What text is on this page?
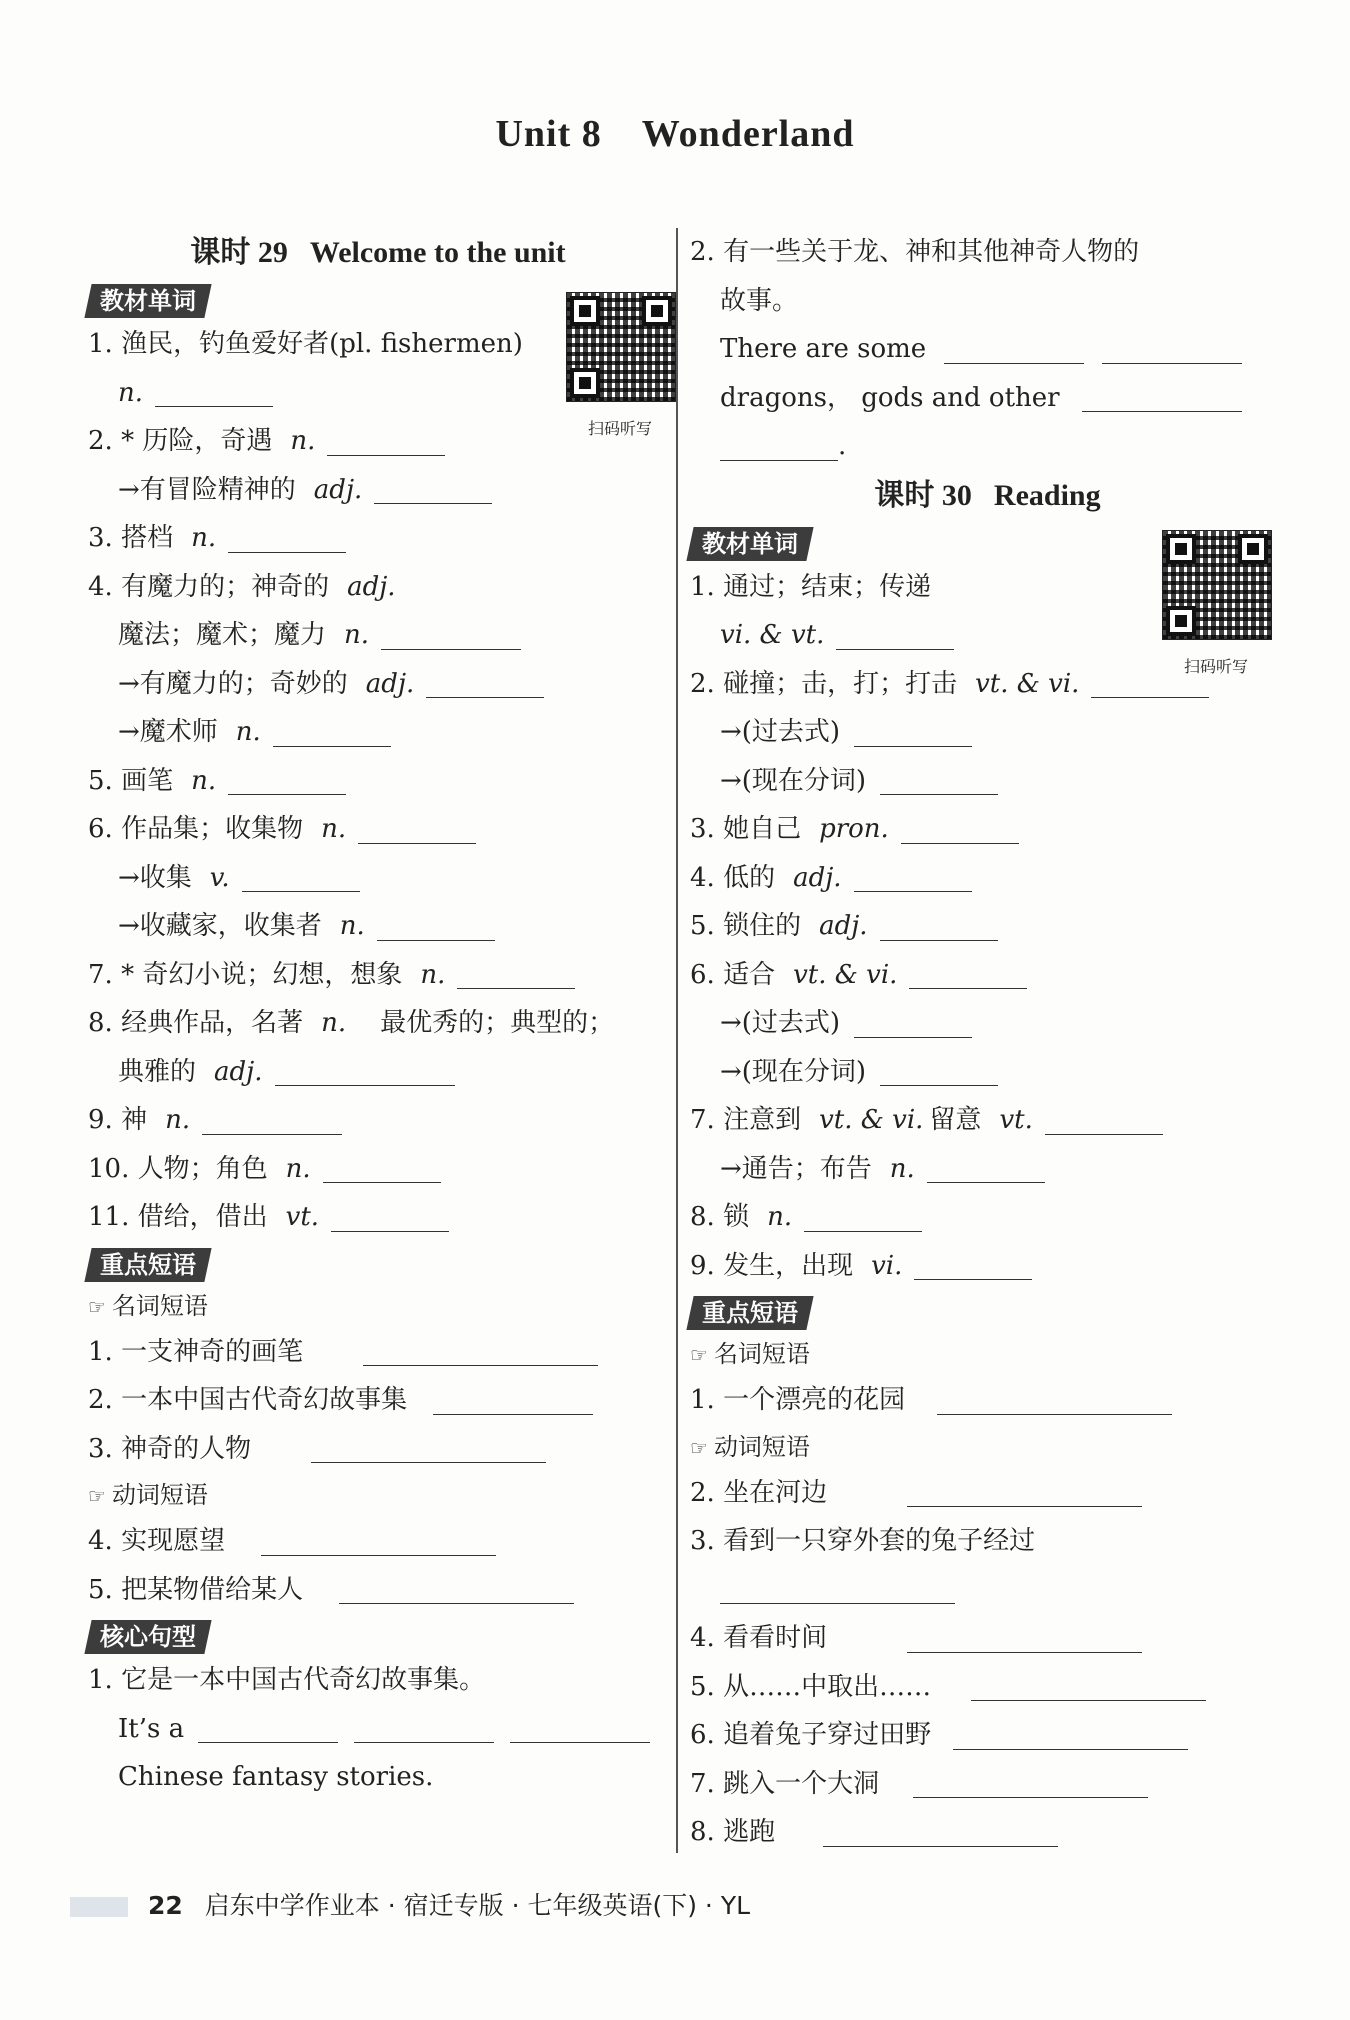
Unit 8 Wonderland
课时 29 Welcome to the unit
教材单词
扫码听写
1. 渔民，钓鱼爱好者(pl. fishermen)
n.
2. * 历险，奇遇 n.
→有冒险精神的 adj.
3. 搭档 n.
4. 有魔力的；神奇的 adj.
魔法；魔术；魔力 n.
→有魔力的；奇妙的 adj.
→魔术师 n.
5. 画笔 n.
6. 作品集；收集物 n.
→收集 v.
→收藏家，收集者 n.
7. * 奇幻小说；幻想，想象 n.
8. 经典作品，名著 n. 最优秀的；典型的；
典雅的 adj.
9. 神 n.
10. 人物；角色 n.
11. 借给，借出 vt.
重点短语
☞ 名词短语
1. 一支神奇的画笔
2. 一本中国古代奇幻故事集
3. 神奇的人物
☞ 动词短语
4. 实现愿望
5. 把某物借给某人
核心句型
1. 它是一本中国古代奇幻故事集。
It’s a
Chinese fantasy stories.
2. 有一些关于龙、神和其他神奇人物的
故事。
There are some
dragons， gods and other
.
课时 30 Reading
教材单词
扫码听写
1. 通过；结束；传递
vi. & vt.
2. 碰撞；击，打；打击 vt. & vi.
→(过去式)
→(现在分词)
3. 她自己 pron.
4. 低的 adj.
5. 锁住的 adj.
6. 适合 vt. & vi.
→(过去式)
→(现在分词)
7. 注意到 vt. & vi. 留意 vt.
→通告；布告 n.
8. 锁 n.
9. 发生，出现 vi.
重点短语
☞ 名词短语
1. 一个漂亮的花园
☞ 动词短语
2. 坐在河边
3. 看到一只穿外套的兔子经过
4. 看看时间
5. 从……中取出……
6. 追着兔子穿过田野
7. 跳入一个大洞
8. 逃跑
22 启东中学作业本 · 宿迁专版 · 七年级英语(下) · YL
